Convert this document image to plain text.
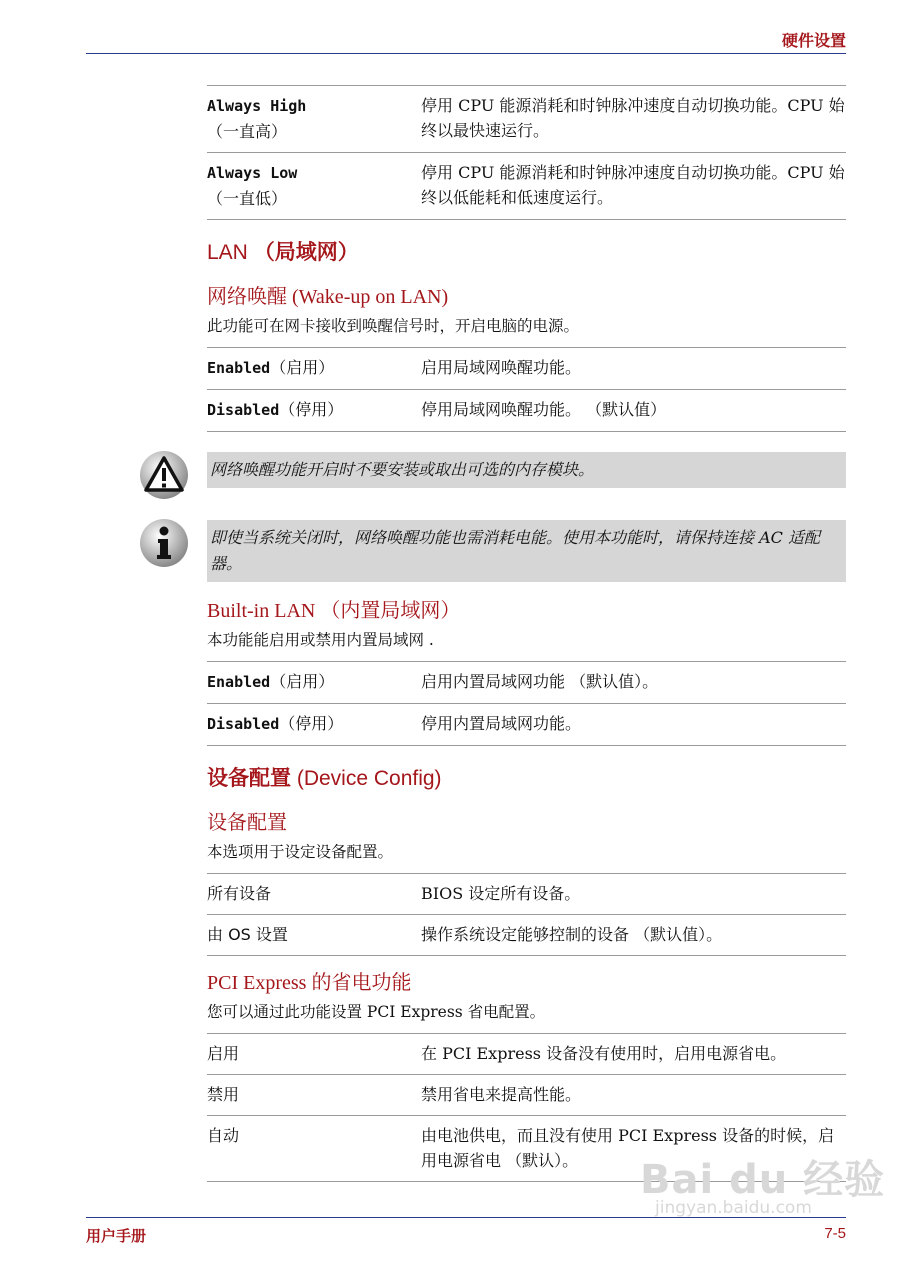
硬件设置
Always High
（一直高）	停用 CPU 能源消耗和时钟脉冲速度自动切换功能。CPU 始终以最快速运行。
Always Low
（一直低）	停用 CPU 能源消耗和时钟脉冲速度自动切换功能。CPU 始终以低能耗和低速度运行。
LAN （局域网）
网络唤醒 (Wake-up on LAN)
此功能可在网卡接收到唤醒信号时，开启电脑的电源。
Enabled（启用）	启用局域网唤醒功能。
Disabled（停用）	停用局域网唤醒功能。 （默认值）
网络唤醒功能开启时不要安装或取出可选的内存模块。
即使当系统关闭时，网络唤醒功能也需消耗电能。使用本功能时，请保持连接 AC 适配器。
Built-in LAN （内置局域网）
本功能能启用或禁用内置局域网 .
Enabled（启用）	启用内置局域网功能 （默认值）。
Disabled（停用）	停用内置局域网功能。
设备配置 (Device Config)
设备配置
本选项用于设定设备配置。
所有设备	BIOS 设定所有设备。
由 OS 设置	操作系统设定能够控制的设备 （默认值）。
PCI Express 的省电功能
您可以通过此功能设置 PCI Express 省电配置。
启用	在 PCI Express 设备没有使用时，启用电源省电。
禁用	禁用省电来提高性能。
自动	由电池供电，而且没有使用 PCI Express 设备的时候，启用电源省电 （默认）。 Bai du 经验
jingyan.baidu.com
用户手册	7-5
